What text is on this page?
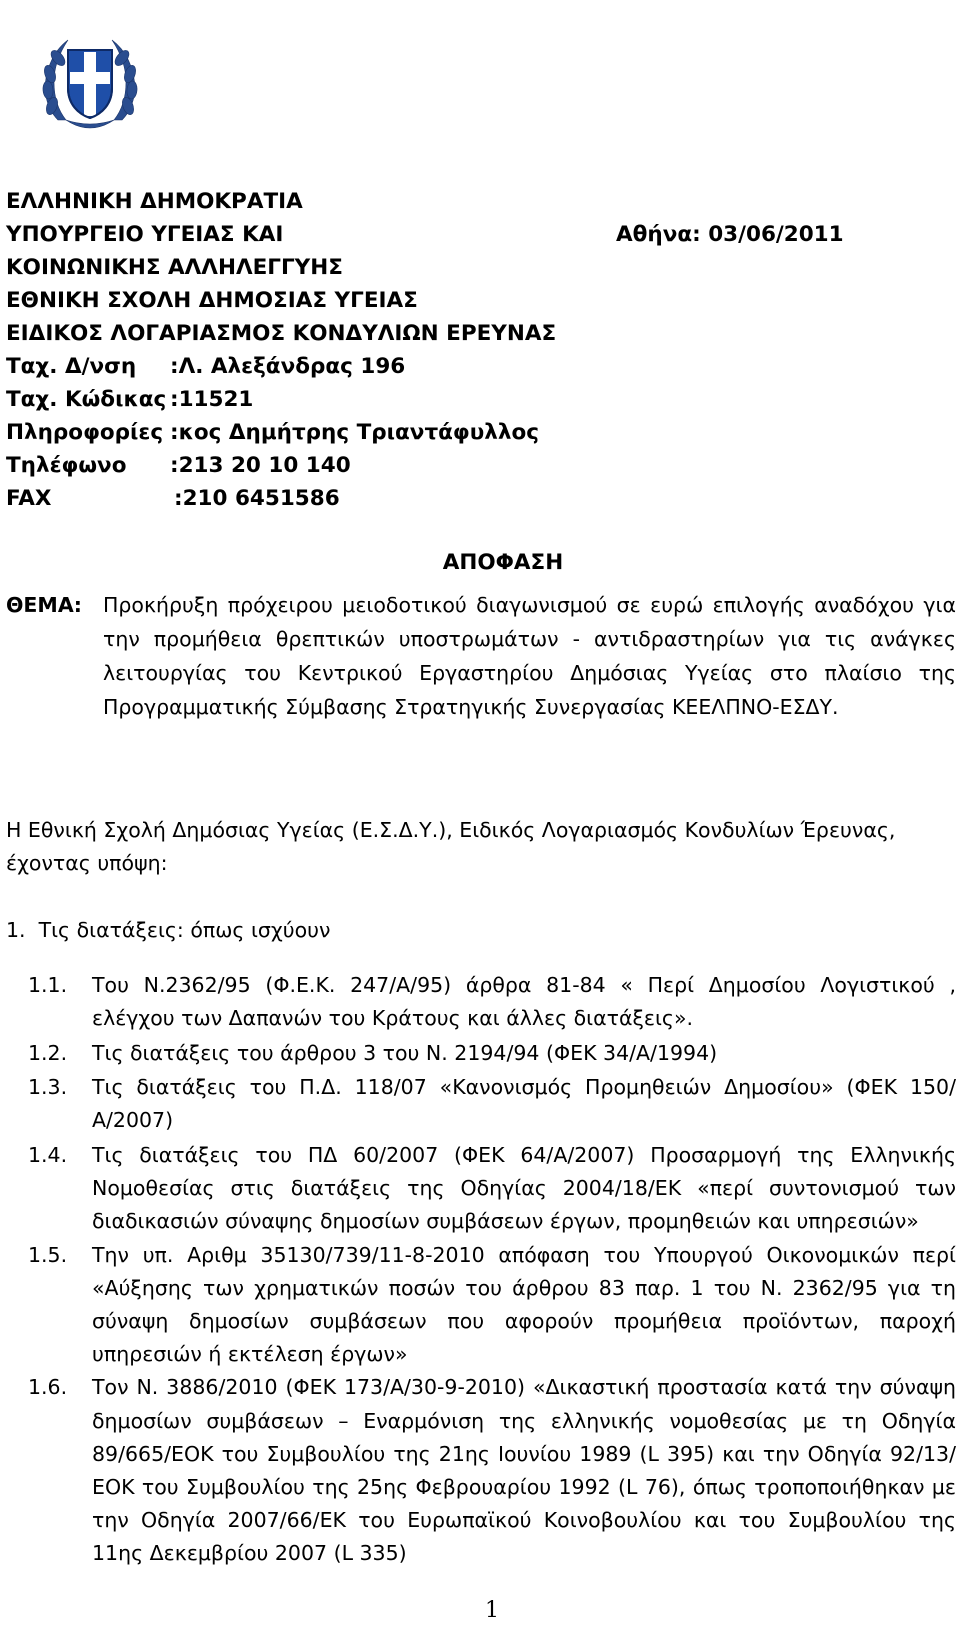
ΕΛΛΗΝΙΚΗ ΔΗΜΟΚΡΑΤΙΑ
ΥΠΟΥΡΓΕΙΟ ΥΓΕΙΑΣ ΚΑΙ	Αθήνα: 03/06/2011
ΚΟΙΝΩΝΙΚΗΣ ΑΛΛΗΛΕΓΓΥΗΣ
ΕΘΝΙΚΗ ΣΧΟΛΗ ΔΗΜΟΣΙΑΣ ΥΓΕΙΑΣ
ΕΙΔΙΚΟΣ ΛΟΓΑΡΙΑΣΜΟΣ ΚΟΝΔΥΛΙΩΝ ΕΡΕΥΝΑΣ
Ταχ. Δ/νση :Λ. Αλεξάνδρας 196
Ταχ. Κώδικας :11521
Πληροφορίες :κος Δημήτρης Τριαντάφυλλος
Τηλέφωνο :213 20 10 140
FAX	:210 6451586
ΑΠΟΦΑΣΗ
ΘΕΜΑ: Προκήρυξη πρόχειρου μειοδοτικού διαγωνισμού σε ευρώ επιλογής αναδόχου για την προμήθεια θρεπτικών υποστρωμάτων - αντιδραστηρίων για τις ανάγκες λειτουργίας του Κεντρικού Εργαστηρίου Δημόσιας Υγείας στο πλαίσιο της Προγραμματικής Σύμβασης Στρατηγικής Συνεργασίας ΚΕΕΛΠΝΟ-ΕΣΔΥ.
Η Εθνική Σχολή Δημόσιας Υγείας (Ε.Σ.Δ.Υ.), Ειδικός Λογαριασμός Κονδυλίων Έρευνας, έχοντας υπόψη:
1.  Τις διατάξεις: όπως ισχύουν
1.1. Του Ν.2362/95 (Φ.Ε.Κ. 247/Α/95) άρθρα 81-84 « Περί Δημοσίου Λογιστικού , ελέγχου των Δαπανών του Κράτους και άλλες διατάξεις».
1.2. Τις διατάξεις του άρθρου 3 του Ν. 2194/94 (ΦΕΚ 34/Α/1994)
1.3. Τις διατάξεις του Π.Δ. 118/07 «Κανονισμός Προμηθειών Δημοσίου» (ΦΕΚ 150/Α/2007)
1.4. Τις διατάξεις του ΠΔ 60/2007 (ΦΕΚ 64/Α/2007) Προσαρμογή της Ελληνικής Νομοθεσίας στις διατάξεις της Οδηγίας 2004/18/ΕΚ «περί συντονισμού των διαδικασιών σύναψης δημοσίων συμβάσεων έργων, προμηθειών και υπηρεσιών»
1.5. Την υπ. Αριθμ 35130/739/11-8-2010 απόφαση του Υπουργού Οικονομικών περί «Αύξησης των χρηματικών ποσών του άρθρου 83 παρ. 1 του Ν. 2362/95 για τη σύναψη δημοσίων συμβάσεων που αφορούν προμήθεια προϊόντων, παροχή υπηρεσιών ή εκτέλεση έργων»
1.6. Τον Ν. 3886/2010 (ΦΕΚ 173/Α/30-9-2010) «Δικαστική προστασία κατά την σύναψη δημοσίων συμβάσεων – Εναρμόνιση της ελληνικής νομοθεσίας με τη Οδηγία 89/665/ΕΟΚ του Συμβουλίου της 21ης Ιουνίου 1989 (L 395) και την Οδηγία 92/13/ΕΟΚ του Συμβουλίου της 25ης Φεβρουαρίου 1992 (L 76), όπως τροποποιήθηκαν με την Οδηγία 2007/66/ΕΚ του Ευρωπαϊκού Κοινοβουλίου και του Συμβουλίου της 11ης Δεκεμβρίου 2007 (L 335)
1
